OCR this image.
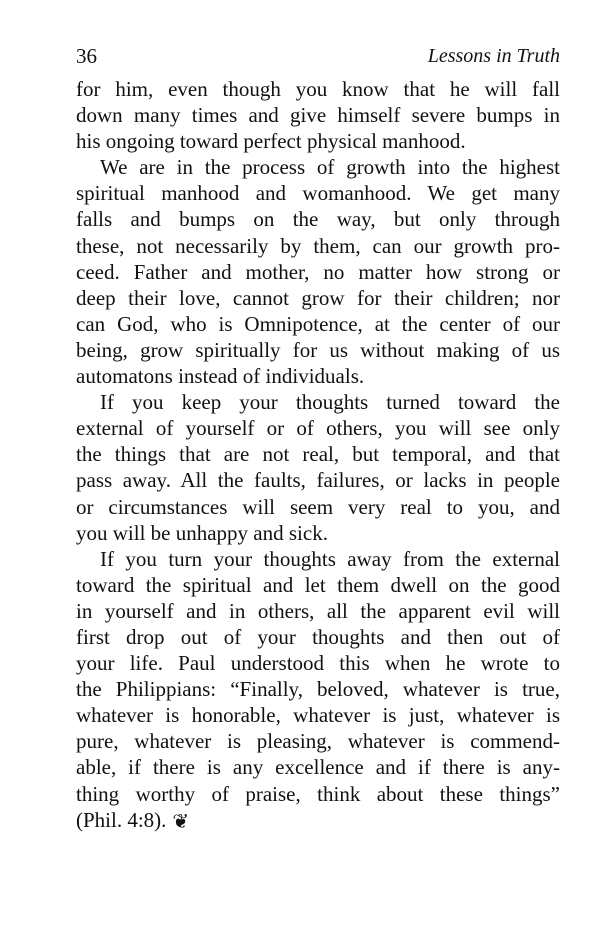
36	Lessons in Truth

for him, even though you know that he will fall
down many times and give himself severe bumps in
his ongoing toward perfect physical manhood.

We are in the process of growth into the highest
spiritual manhood and womanhood. We get many
falls and bumps on the way, but only through
these, not necessarily by them, can our growth pro-
ceed. Father and mother, no matter how strong or
deep their love, cannot grow for their children; nor
can God, who is Omnipotence, at the center of our
being, grow spiritually for us without making of us
automatons instead of individuals.

If you keep your thoughts turned toward the
external of yourself or of others, you will see only
the things that are not real, but temporal, and that
pass away. All the faults, failures, or lacks in people
or circumstances will seem very real to you, and
you will be unhappy and sick.

If you turn your thoughts away from the external
toward the spiritual and let them dwell on the good
in yourself and in others, all the apparent evil will
first drop out of your thoughts and then out of
your life. Paul understood this when he wrote to
the Philippians: “Finally, beloved, whatever is true,
whatever is honorable, whatever is just, whatever is
pure, whatever is pleasing, whatever is commend-
able, if there is any excellence and if there is any-
thing worthy of praise, think about these things”
(Phil. 4:8). ❦
